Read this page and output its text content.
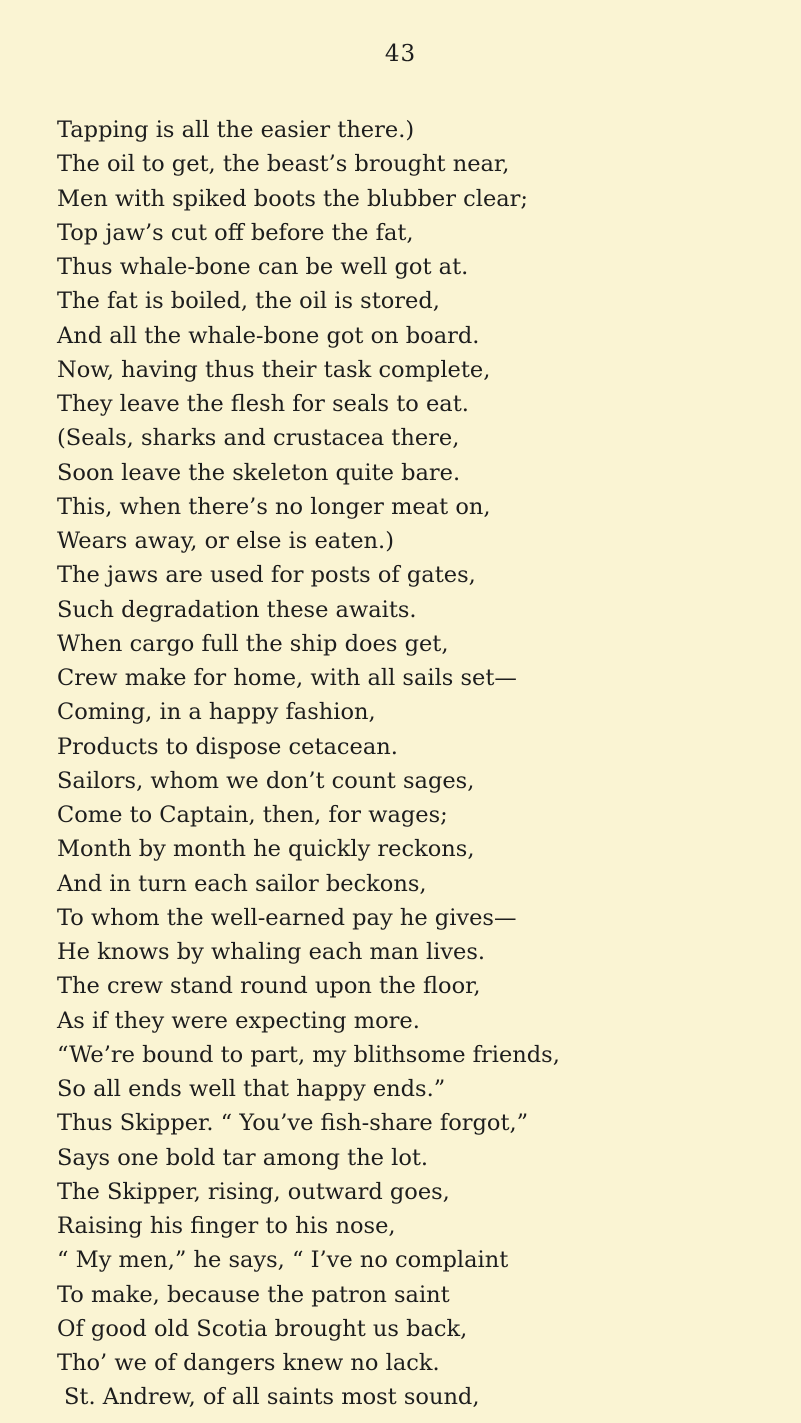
43
Tapping is all the easier there.)
The oil to get, the beast’s brought near,
Men with spiked boots the blubber clear;
Top jaw’s cut off before the fat,
Thus whale-bone can be well got at.
The fat is boiled, the oil is stored,
And all the whale-bone got on board.
Now, having thus their task complete,
They leave the flesh for seals to eat.
(Seals, sharks and crustacea there,
Soon leave the skeleton quite bare.
This, when there’s no longer meat on,
Wears away, or else is eaten.)
The jaws are used for posts of gates,
Such degradation these awaits.
When cargo full the ship does get,
Crew make for home, with all sails set—
Coming, in a happy fashion,
Products to dispose cetacean.
Sailors, whom we don’t count sages,
Come to Captain, then, for wages;
Month by month he quickly reckons,
And in turn each sailor beckons,
To whom the well-earned pay he gives—
He knows by whaling each man lives.
The crew stand round upon the floor,
As if they were expecting more.
“We’re bound to part, my blithsome friends,
So all ends well that happy ends.”
Thus Skipper. “ You’ve fish-share forgot,”
Says one bold tar among the lot.
The Skipper, rising, outward goes,
Raising his finger to his nose,
“ My men,” he says, “ I’ve no complaint
To make, because the patron saint
Of good old Scotia brought us back,
Tho’ we of dangers knew no lack.
St. Andrew, of all saints most sound,
